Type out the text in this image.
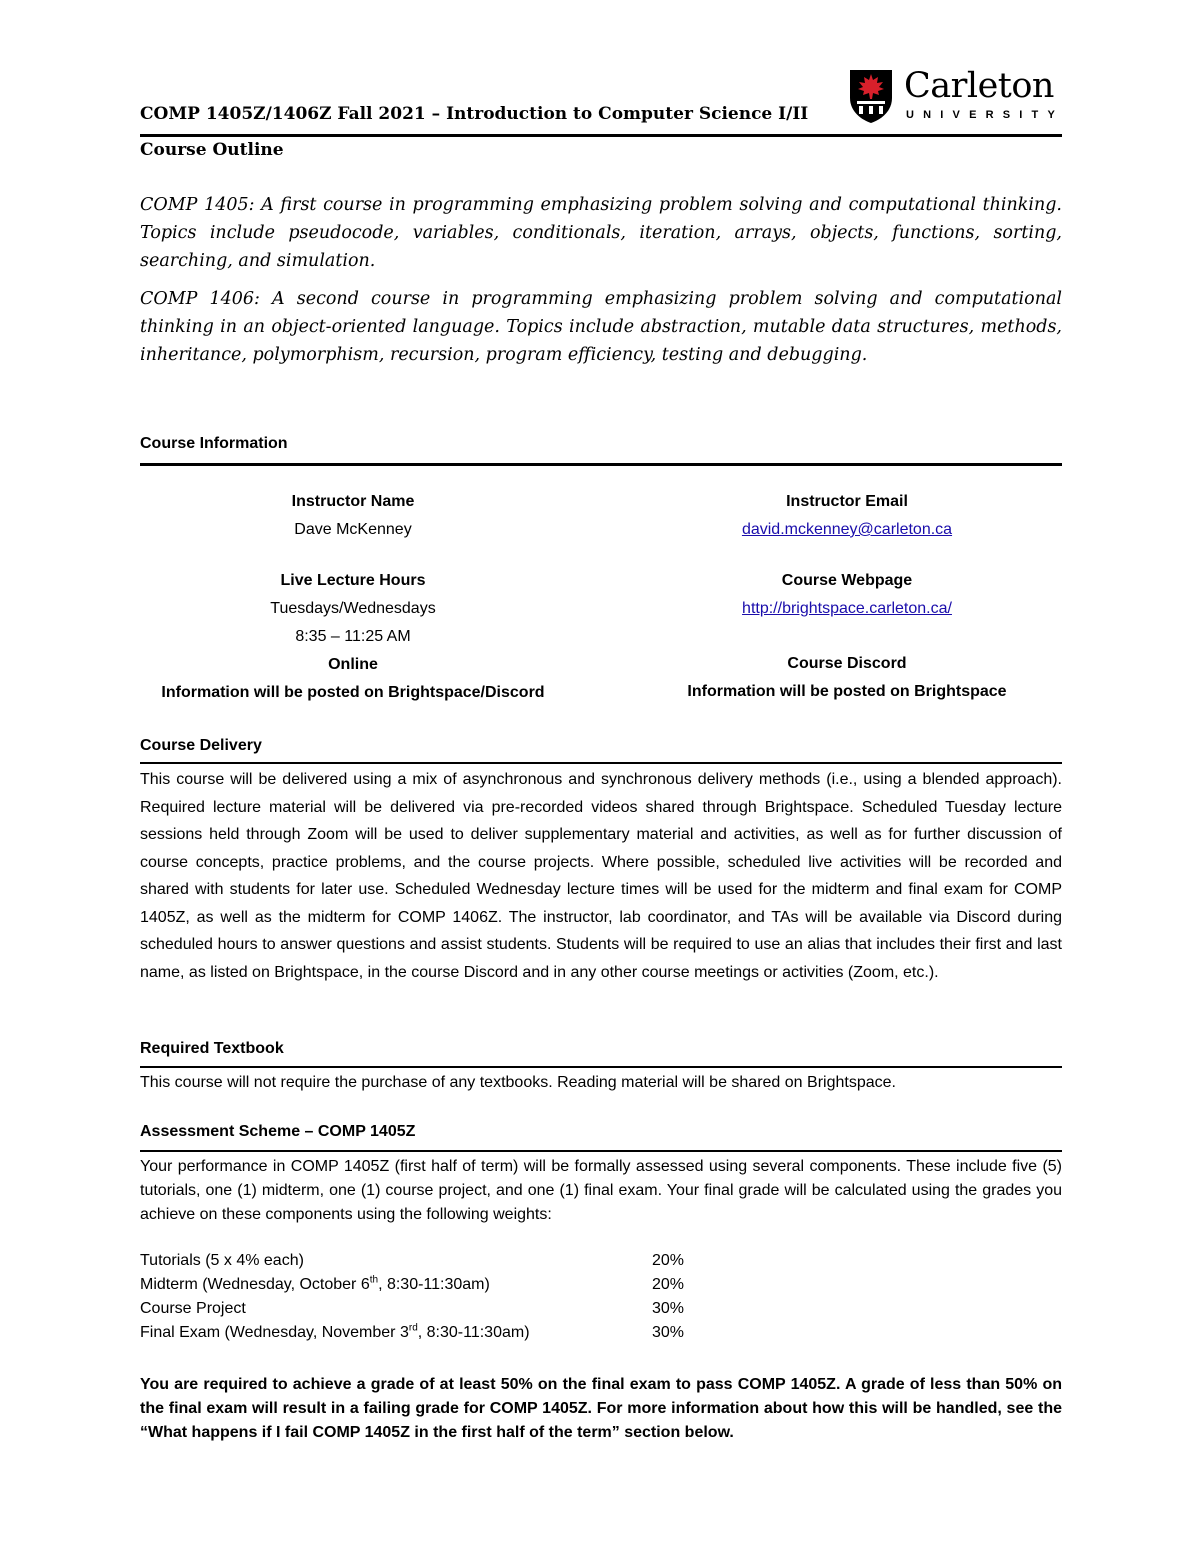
COMP 1405Z/1406Z Fall 2021 – Introduction to Computer Science I/II
Carleton
UNIVERSITY
Course Outline

COMP 1405: A first course in programming emphasizing problem solving and computational thinking. Topics include pseudocode, variables, conditionals, iteration, arrays, objects, functions, sorting, searching, and simulation.

COMP 1406: A second course in programming emphasizing problem solving and computational thinking in an object-oriented language. Topics include abstraction, mutable data structures, methods, inheritance, polymorphism, recursion, program efficiency, testing and debugging.

Course Information
Instructor Name
Dave McKenney
Instructor Email
david.mckenney@carleton.ca
Live Lecture Hours
Tuesdays/Wednesdays
8:35 – 11:25 AM
Online
Information will be posted on Brightspace/Discord
Course Webpage
http://brightspace.carleton.ca/
Course Discord
Information will be posted on Brightspace
Course Delivery

This course will be delivered using a mix of asynchronous and synchronous delivery methods (i.e., using a blended approach). Required lecture material will be delivered via pre-recorded videos shared through Brightspace. Scheduled Tuesday lecture sessions held through Zoom will be used to deliver supplementary material and activities, as well as for further discussion of course concepts, practice problems, and the course projects. Where possible, scheduled live activities will be recorded and shared with students for later use. Scheduled Wednesday lecture times will be used for the midterm and final exam for COMP 1405Z, as well as the midterm for COMP 1406Z. The instructor, lab coordinator, and TAs will be available via Discord during scheduled hours to answer questions and assist students. Students will be required to use an alias that includes their first and last name, as listed on Brightspace, in the course Discord and in any other course meetings or activities (Zoom, etc.).

Required Textbook

This course will not require the purchase of any textbooks. Reading material will be shared on Brightspace.

Assessment Scheme – COMP 1405Z

Your performance in COMP 1405Z (first half of term) will be formally assessed using several components. These include five (5) tutorials, one (1) midterm, one (1) course project, and one (1) final exam. Your final grade will be calculated using the grades you achieve on these components using the following weights:

Tutorials (5 x 4% each)	20%
Midterm (Wednesday, October 6th, 8:30-11:30am)	20%
Course Project	30%
Final Exam (Wednesday, November 3rd, 8:30-11:30am)	30%

You are required to achieve a grade of at least 50% on the final exam to pass COMP 1405Z. A grade of less than 50% on the final exam will result in a failing grade for COMP 1405Z. For more information about how this will be handled, see the “What happens if I fail COMP 1405Z in the first half of the term” section below.
